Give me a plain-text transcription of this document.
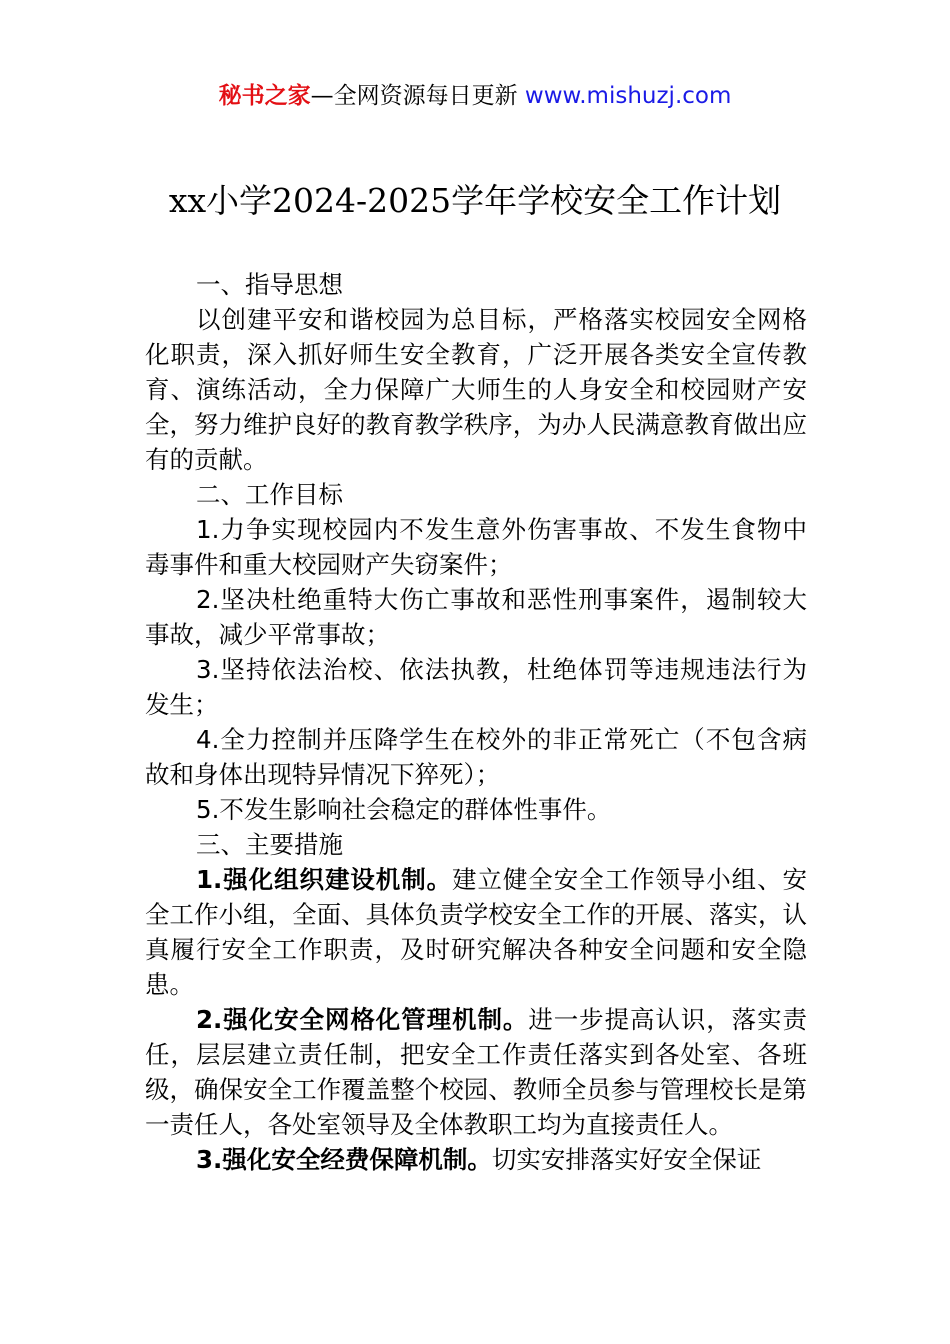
秘书之家—全网资源每日更新 www.mishuzj.com
xx小学2024-2025学年学校安全工作计划

一、指导思想

以创建平安和谐校园为总目标，严格落实校园安全网格化职责，深入抓好师生安全教育，广泛开展各类安全宣传教育、演练活动，全力保障广大师生的人身安全和校园财产安全，努力维护良好的教育教学秩序，为办人民满意教育做出应有的贡献。

二、工作目标

1.力争实现校园内不发生意外伤害事故、不发生食物中毒事件和重大校园财产失窃案件；

2.坚决杜绝重特大伤亡事故和恶性刑事案件，遏制较大事故，减少平常事故；

3.坚持依法治校、依法执教，杜绝体罚等违规违法行为发生；

4.全力控制并压降学生在校外的非正常死亡（不包含病故和身体出现特异情况下猝死）；

5.不发生影响社会稳定的群体性事件。

三、主要措施

1.强化组织建设机制。建立健全安全工作领导小组、安全工作小组，全面、具体负责学校安全工作的开展、落实，认真履行安全工作职责，及时研究解决各种安全问题和安全隐患。

2.强化安全网格化管理机制。进一步提高认识，落实责任，层层建立责任制，把安全工作责任落实到各处室、各班级，确保安全工作覆盖整个校园、教师全员参与管理校长是第一责任人，各处室领导及全体教职工均为直接责任人。

3.强化安全经费保障机制。切实安排落实好安全保证
